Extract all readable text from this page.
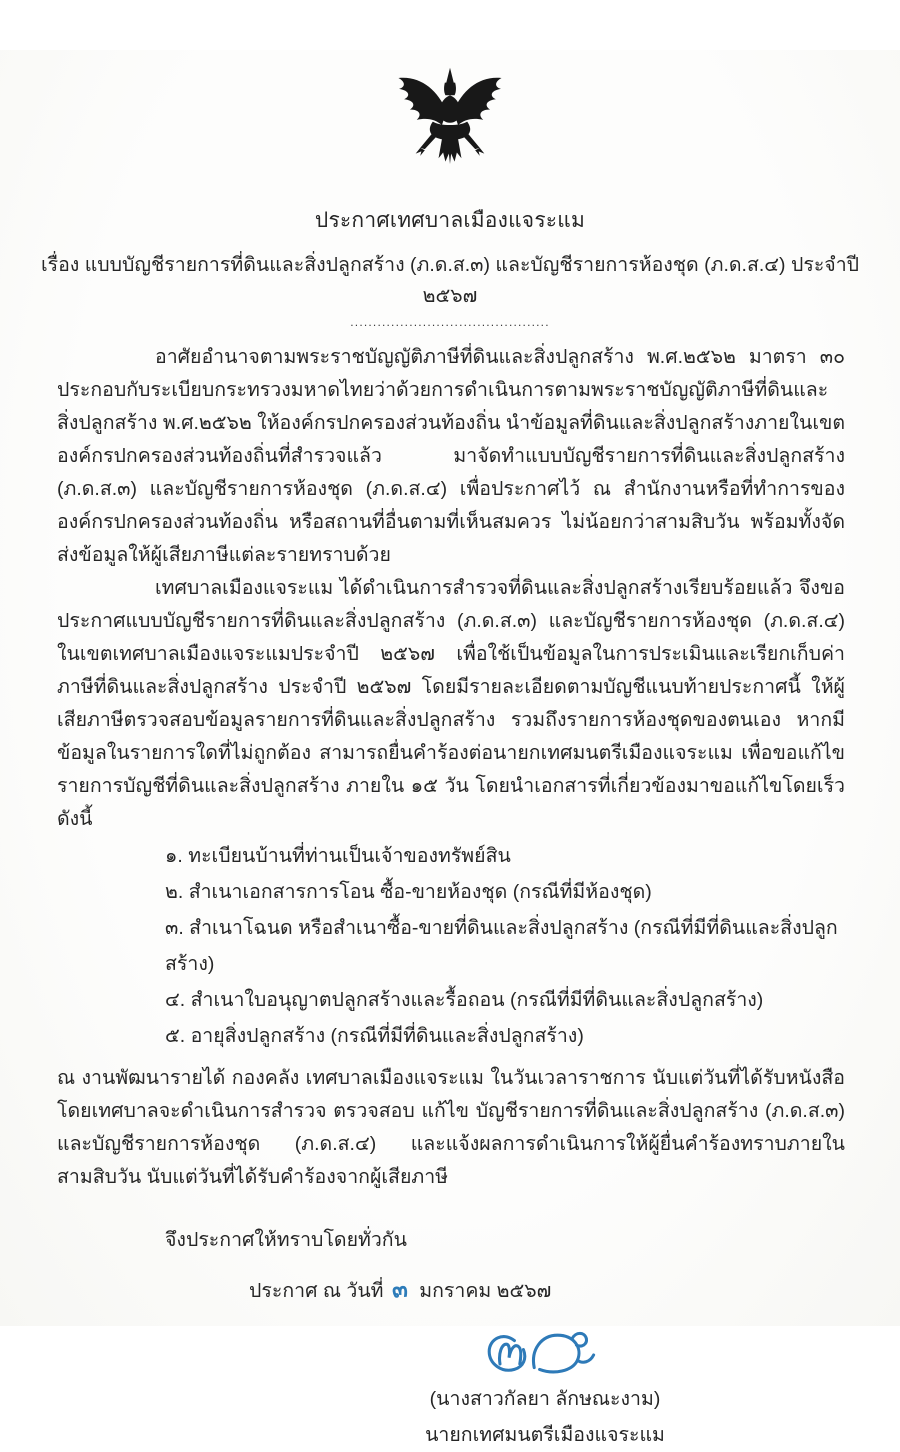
ประกาศเทศบาลเมืองแจระแม
เรื่อง แบบบัญชีรายการที่ดินและสิ่งปลูกสร้าง (ภ.ด.ส.๓) และบัญชีรายการห้องชุด (ภ.ด.ส.๔) ประจำปี ๒๕๖๗
............................................

อาศัยอำนาจตามพระราชบัญญัติภาษีที่ดินและสิ่งปลูกสร้าง พ.ศ.๒๕๖๒ มาตรา ๓๐ ประกอบกับระเบียบกระทรวงมหาดไทยว่าด้วยการดำเนินการตามพระราชบัญญัติภาษีที่ดินและสิ่งปลูกสร้าง พ.ศ.๒๕๖๒ ให้องค์กรปกครองส่วนท้องถิ่น นำข้อมูลที่ดินและสิ่งปลูกสร้างภายในเขตองค์กรปกครองส่วนท้องถิ่นที่สำรวจแล้ว มาจัดทำแบบบัญชีรายการที่ดินและสิ่งปลูกสร้าง (ภ.ด.ส.๓) และบัญชีรายการห้องชุด (ภ.ด.ส.๔) เพื่อประกาศไว้ ณ สำนักงานหรือที่ทำการขององค์กรปกครองส่วนท้องถิ่น หรือสถานที่อื่นตามที่เห็นสมควร ไม่น้อยกว่าสามสิบวัน พร้อมทั้งจัดส่งข้อมูลให้ผู้เสียภาษีแต่ละรายทราบด้วย

เทศบาลเมืองแจระแม ได้ดำเนินการสำรวจที่ดินและสิ่งปลูกสร้างเรียบร้อยแล้ว จึงขอประกาศแบบบัญชีรายการที่ดินและสิ่งปลูกสร้าง (ภ.ด.ส.๓) และบัญชีรายการห้องชุด (ภ.ด.ส.๔) ในเขตเทศบาลเมืองแจระแมประจำปี ๒๕๖๗ เพื่อใช้เป็นข้อมูลในการประเมินและเรียกเก็บค่าภาษีที่ดินและสิ่งปลูกสร้าง ประจำปี ๒๕๖๗ โดยมีรายละเอียดตามบัญชีแนบท้ายประกาศนี้ ให้ผู้เสียภาษีตรวจสอบข้อมูลรายการที่ดินและสิ่งปลูกสร้าง รวมถึงรายการห้องชุดของตนเอง หากมีข้อมูลในรายการใดที่ไม่ถูกต้อง สามารถยื่นคำร้องต่อนายกเทศมนตรีเมืองแจระแม เพื่อขอแก้ไขรายการบัญชีที่ดินและสิ่งปลูกสร้าง ภายใน ๑๕ วัน โดยนำเอกสารที่เกี่ยวข้องมาขอแก้ไขโดยเร็ว ดังนี้

๑. ทะเบียนบ้านที่ท่านเป็นเจ้าของทรัพย์สิน
๒. สำเนาเอกสารการโอน ซื้อ-ขายห้องชุด (กรณีที่มีห้องชุด)
๓. สำเนาโฉนด หรือสำเนาซื้อ-ขายที่ดินและสิ่งปลูกสร้าง (กรณีที่มีที่ดินและสิ่งปลูกสร้าง)
๔. สำเนาใบอนุญาตปลูกสร้างและรื้อถอน (กรณีที่มีที่ดินและสิ่งปลูกสร้าง)
๕. อายุสิ่งปลูกสร้าง (กรณีที่มีที่ดินและสิ่งปลูกสร้าง)

ณ งานพัฒนารายได้ กองคลัง เทศบาลเมืองแจระแม ในวันเวลาราชการ นับแต่วันที่ได้รับหนังสือ โดยเทศบาลจะดำเนินการสำรวจ ตรวจสอบ แก้ไข บัญชีรายการที่ดินและสิ่งปลูกสร้าง (ภ.ด.ส.๓) และบัญชีรายการห้องชุด (ภ.ด.ส.๔) และแจ้งผลการดำเนินการให้ผู้ยื่นคำร้องทราบภายในสามสิบวัน นับแต่วันที่ได้รับคำร้องจากผู้เสียภาษี

จึงประกาศให้ทราบโดยทั่วกัน

ประกาศ ณ วันที่ ๓ มกราคม ๒๕๖๗

(นางสาวกัลยา ลักษณะงาม)
นายกเทศมนตรีเมืองแจระแม
